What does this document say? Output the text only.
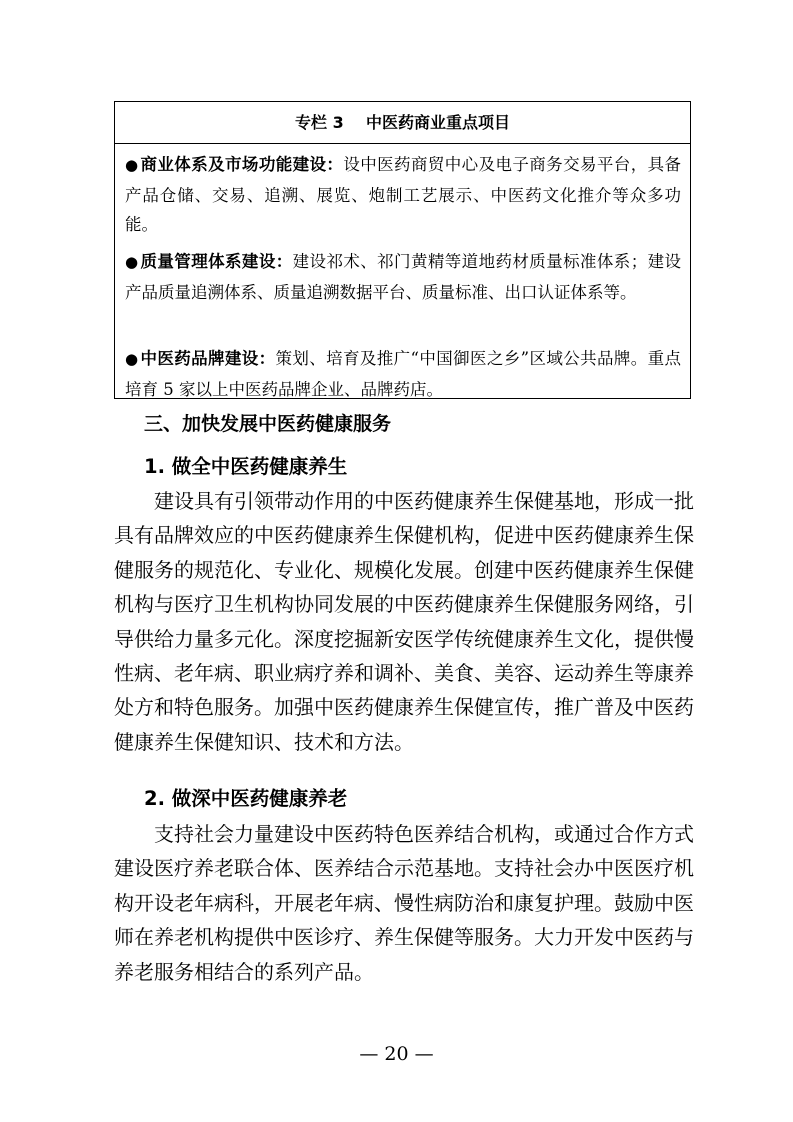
专栏 3    中医药商业重点项目
● 商业体系及市场功能建设：设中医药商贸中心及电子商务交易平台，具备产品仓储、交易、追溯、展览、炮制工艺展示、中医药文化推介等众多功能。
● 质量管理体系建设：建设祁术、祁门黄精等道地药材质量标准体系；建设产品质量追溯体系、质量追溯数据平台、质量标准、出口认证体系等。
● 中医药品牌建设：策划、培育及推广“中国御医之乡”区域公共品牌。重点培育 5 家以上中医药品牌企业、品牌药店。
三、加快发展中医药健康服务
1. 做全中医药健康养生
建设具有引领带动作用的中医药健康养生保健基地，形成一批具有品牌效应的中医药健康养生保健机构，促进中医药健康养生保健服务的规范化、专业化、规模化发展。创建中医药健康养生保健机构与医疗卫生机构协同发展的中医药健康养生保健服务网络，引导供给力量多元化。深度挖掘新安医学传统健康养生文化，提供慢性病、老年病、职业病疗养和调补、美食、美容、运动养生等康养处方和特色服务。加强中医药健康养生保健宣传，推广普及中医药健康养生保健知识、技术和方法。
2. 做深中医药健康养老
支持社会力量建设中医药特色医养结合机构，或通过合作方式建设医疗养老联合体、医养结合示范基地。支持社会办中医医疗机构开设老年病科，开展老年病、慢性病防治和康复护理。鼓励中医师在养老机构提供中医诊疗、养生保健等服务。大力开发中医药与养老服务相结合的系列产品。
— 20 —
